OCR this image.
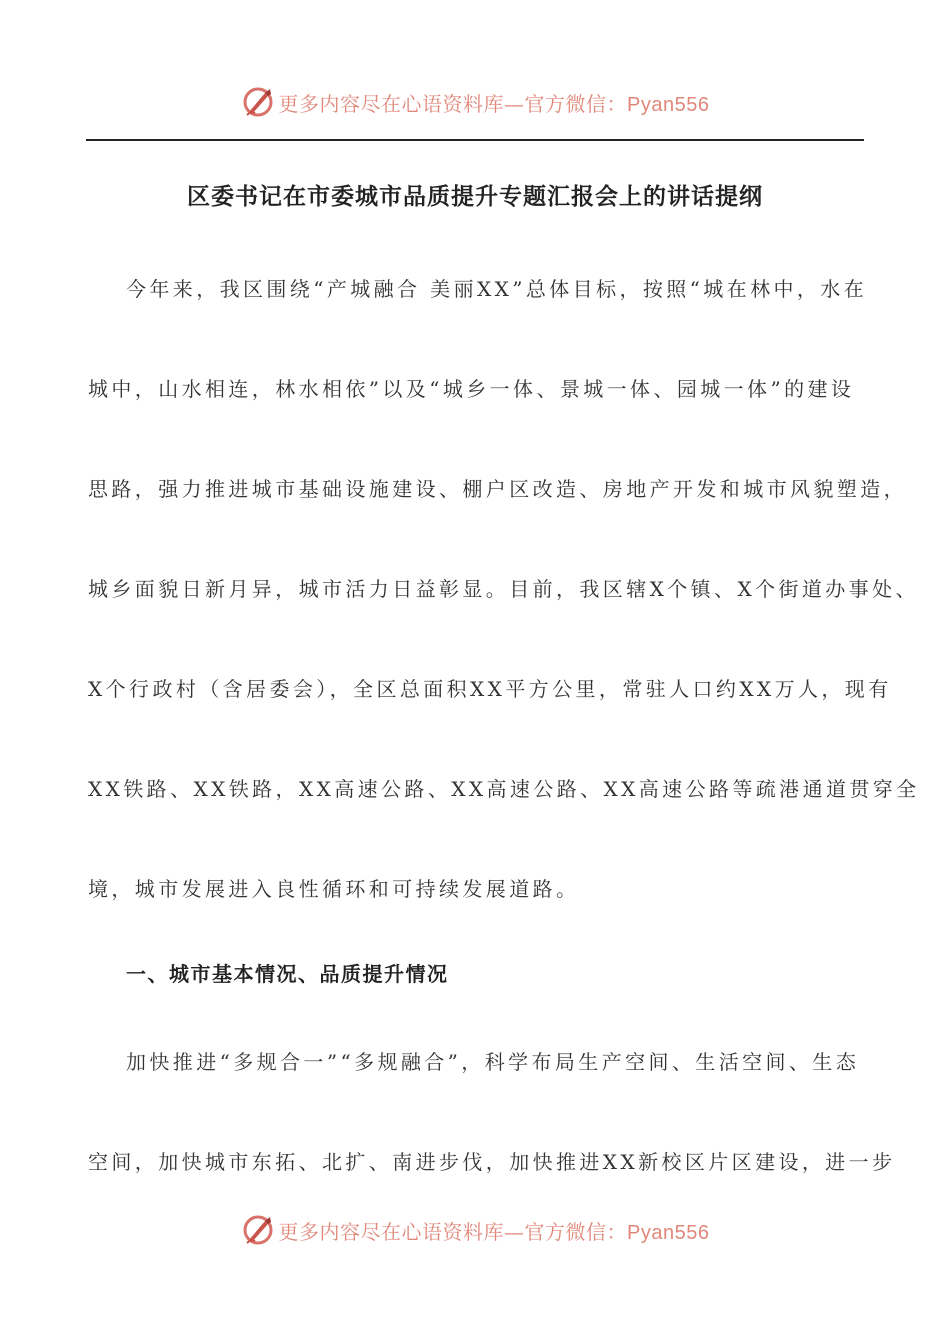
更多内容尽在心语资料库—官方微信：Pyan556
区委书记在市委城市品质提升专题汇报会上的讲话提纲
今年来，我区围绕“产城融合 美丽XX”总体目标，按照“城在林中，水在
城中，山水相连，林水相依”以及“城乡一体、景城一体、园城一体”的建设
思路，强力推进城市基础设施建设、棚户区改造、房地产开发和城市风貌塑造，
城乡面貌日新月异，城市活力日益彰显。目前，我区辖X个镇、X个街道办事处、
X个行政村（含居委会），全区总面积XX平方公里，常驻人口约XX万人，现有
XX铁路、XX铁路，XX高速公路、XX高速公路、XX高速公路等疏港通道贯穿全
境，城市发展进入良性循环和可持续发展道路。
一、城市基本情况、品质提升情况
加快推进“多规合一”“多规融合”，科学布局生产空间、生活空间、生态
空间，加快城市东拓、北扩、南进步伐，加快推进XX新校区片区建设，进一步
更多内容尽在心语资料库—官方微信：Pyan556
